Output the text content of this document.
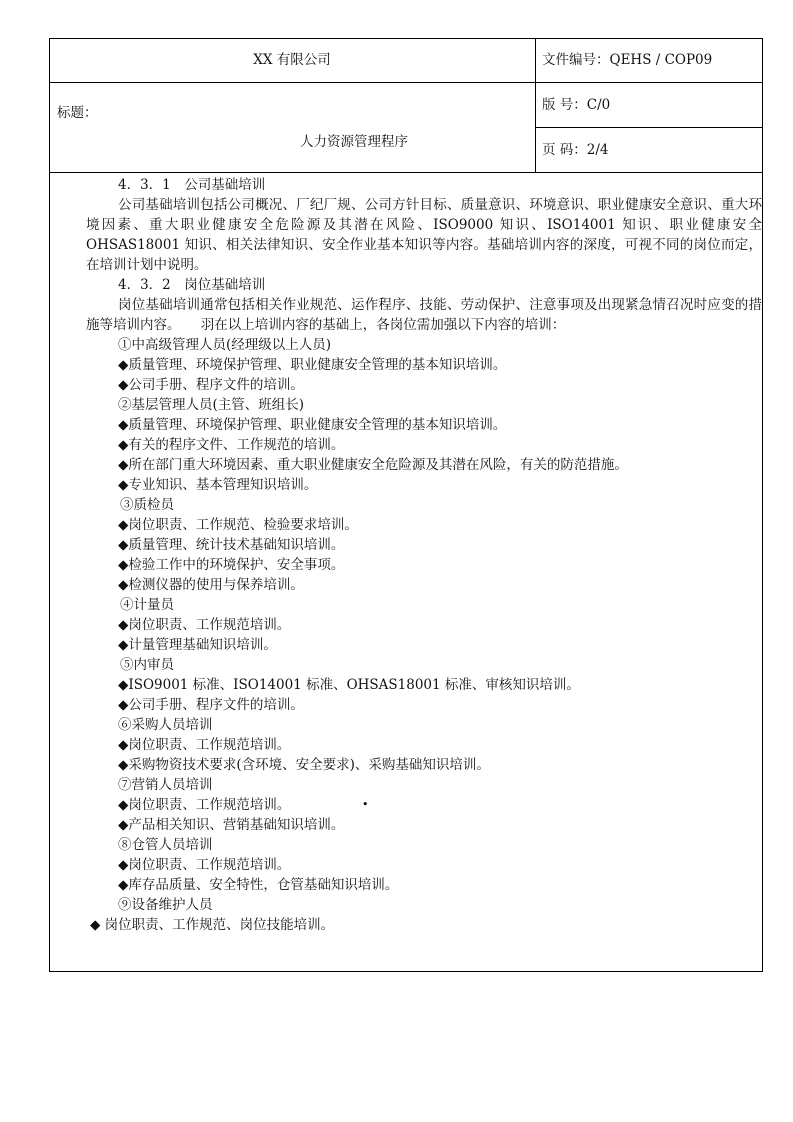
XX 有限公司	文件编号：QEHS / COP09
标题：
人力资源管理程序
版 号：C/0
页 码：2/4
4．3．1　公司基础培训
公司基础培训包括公司概况、厂纪厂规、公司方针目标、质量意识、环境意识、职业健康安全意识、重大环境因素、重大职业健康安全危险源及其潜在风险、ISO9000 知识、ISO14001 知识、职业健康安全 OHSAS18001 知识、相关法律知识、安全作业基本知识等内容。基础培训内容的深度，可视不同的岗位而定，在培训计划中说明。
4．3．2　岗位基础培训
岗位基础培训通常包括相关作业规范、运作程序、技能、劳动保护、注意事项及出现紧急情召况时应变的措施等培训内容。　　羽在以上培训内容的基础上，各岗位需加强以下内容的培训：
①中高级管理人员(经理级以上人员)
◆质量管理、环境保护管理、职业健康安全管理的基本知识培训。
◆公司手册、程序文件的培训。
②基层管理人员(主管、班组长)
◆质量管理、环境保护管理、职业健康安全管理的基本知识培训。
◆有关的程序文件、工作规范的培训。
◆所在部门重大环境因素、重大职业健康安全危险源及其潜在风险，有关的防范措施。
◆专业知识、基本管理知识培训。
③质检员
◆岗位职责、工作规范、检验要求培训。
◆质量管理、统计技术基础知识培训。
◆检验工作中的环境保护、安全事项。
◆检测仪器的使用与保养培训。
④计量员
◆岗位职责、工作规范培训。
◆计量管理基础知识培训。
⑤内审员
◆ISO9001 标准、ISO14001 标准、OHSAS18001 标准、审核知识培训。
◆公司手册、程序文件的培训。
⑥采购人员培训
◆岗位职责、工作规范培训。
◆采购物资技术要求(含环境、安全要求)、采购基础知识培训。
⑦营销人员培训
◆岗位职责、工作规范培训。	•
◆产品相关知识、营销基础知识培训。
⑧仓管人员培训
◆岗位职责、工作规范培训。
◆库存品质量、安全特性，仓管基础知识培训。
⑨设备维护人员
◆ 岗位职责、工作规范、岗位技能培训。
